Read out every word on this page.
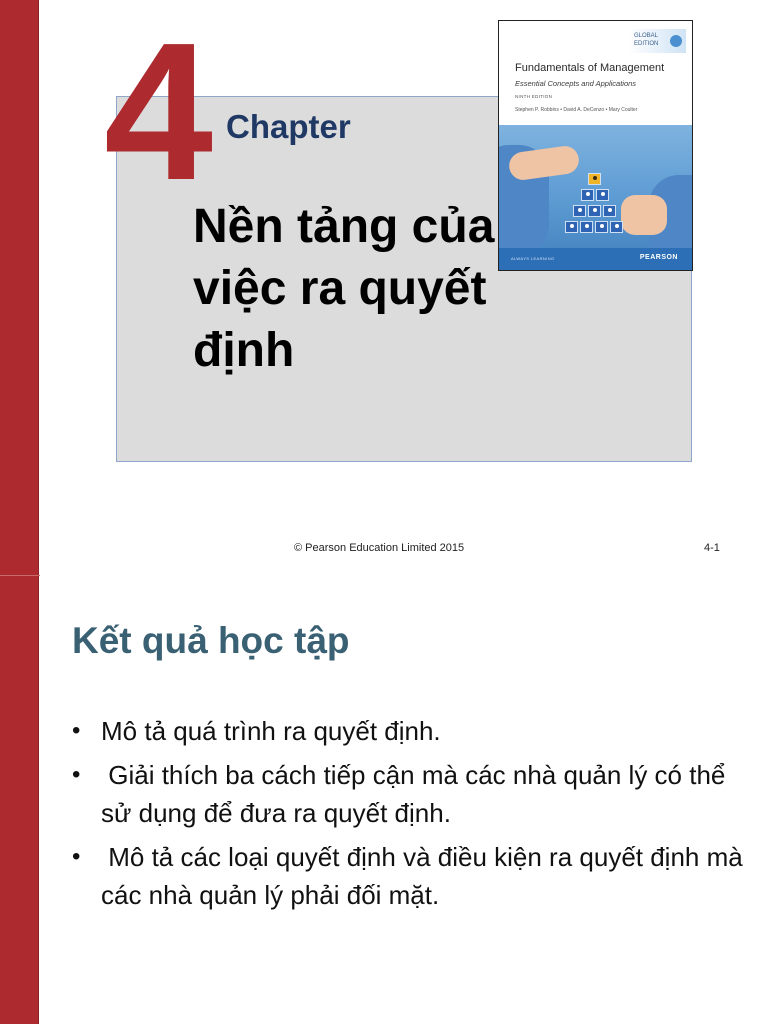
4 Chapter
Nền tảng của
việc ra quyết
định
GLOBAL EDITION
Fundamentals of Management
Essential Concepts and Applications
NINTH EDITION
Stephen P. Robbins • David A. DeCenzo • Mary Coulter
ALWAYS LEARNING	PEARSON
© Pearson Education Limited 2015	4-1
Kết quả học tập
• Mô tả quá trình ra quyết định.
• Giải thích ba cách tiếp cận mà các nhà quản lý có thể sử dụng để đưa ra quyết định.
• Mô tả các loại quyết định và điều kiện ra quyết định mà các nhà quản lý phải đối mặt.
